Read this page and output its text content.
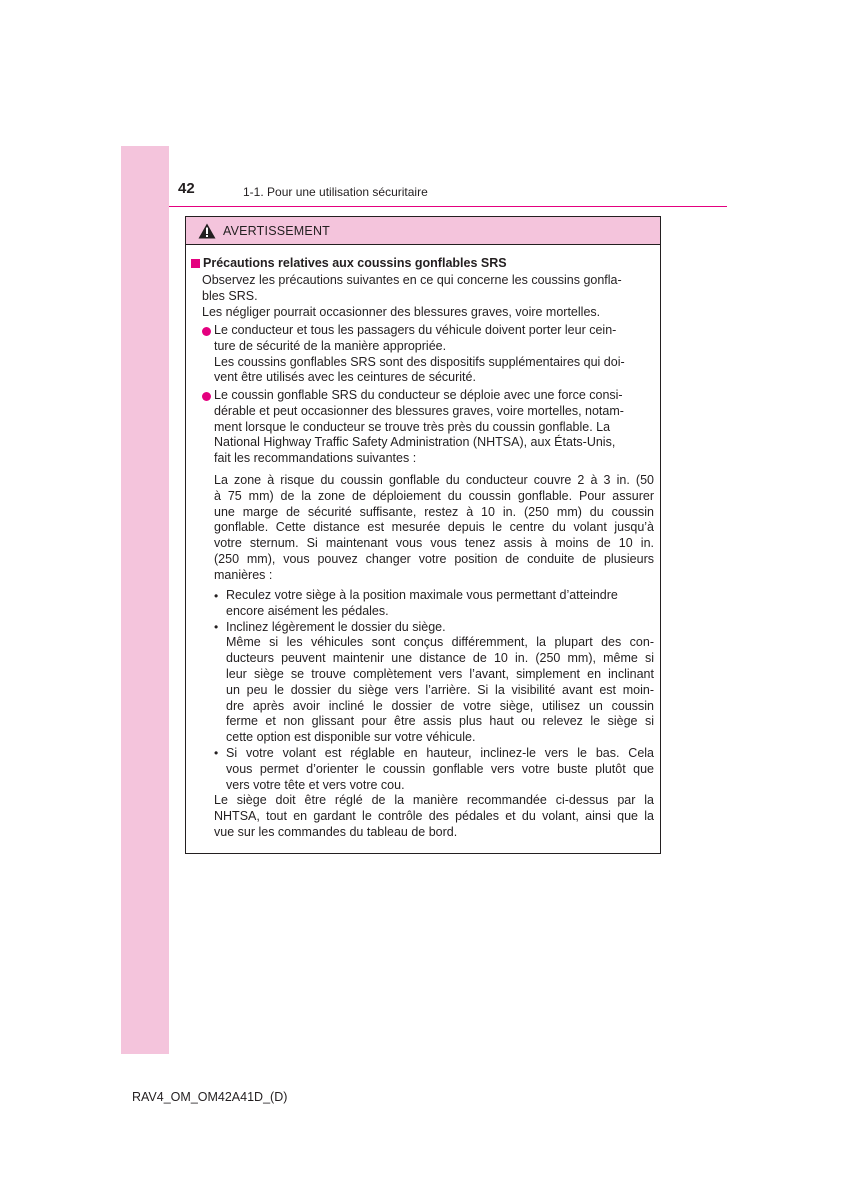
42	1-1. Pour une utilisation sécuritaire
AVERTISSEMENT
Précautions relatives aux coussins gonflables SRS
Observez les précautions suivantes en ce qui concerne les coussins gonfla-
bles SRS.
Les négliger pourrait occasionner des blessures graves, voire mortelles.
Le conducteur et tous les passagers du véhicule doivent porter leur cein-
ture de sécurité de la manière appropriée.
Les coussins gonflables SRS sont des dispositifs supplémentaires qui doi-
vent être utilisés avec les ceintures de sécurité.
Le coussin gonflable SRS du conducteur se déploie avec une force consi-
dérable et peut occasionner des blessures graves, voire mortelles, notam-
ment lorsque le conducteur se trouve très près du coussin gonflable. La
National Highway Traffic Safety Administration (NHTSA), aux États-Unis,
fait les recommandations suivantes :
La zone à risque du coussin gonflable du conducteur couvre 2 à 3 in. (50
à 75 mm) de la zone de déploiement du coussin gonflable. Pour assurer
une marge de sécurité suffisante, restez à 10 in. (250 mm) du coussin
gonflable. Cette distance est mesurée depuis le centre du volant jusqu’à
votre sternum. Si maintenant vous vous tenez assis à moins de 10 in.
(250 mm), vous pouvez changer votre position de conduite de plusieurs
manières :
• Reculez votre siège à la position maximale vous permettant d’atteindre
encore aisément les pédales.
• Inclinez légèrement le dossier du siège.
Même si les véhicules sont conçus différemment, la plupart des con-
ducteurs peuvent maintenir une distance de 10 in. (250 mm), même si
leur siège se trouve complètement vers l’avant, simplement en inclinant
un peu le dossier du siège vers l’arrière. Si la visibilité avant est moin-
dre après avoir incliné le dossier de votre siège, utilisez un coussin
ferme et non glissant pour être assis plus haut ou relevez le siège si
cette option est disponible sur votre véhicule.
• Si votre volant est réglable en hauteur, inclinez-le vers le bas. Cela
vous permet d’orienter le coussin gonflable vers votre buste plutôt que
vers votre tête et vers votre cou.
Le siège doit être réglé de la manière recommandée ci-dessus par la
NHTSA, tout en gardant le contrôle des pédales et du volant, ainsi que la
vue sur les commandes du tableau de bord.
RAV4_OM_OM42A41D_(D)
